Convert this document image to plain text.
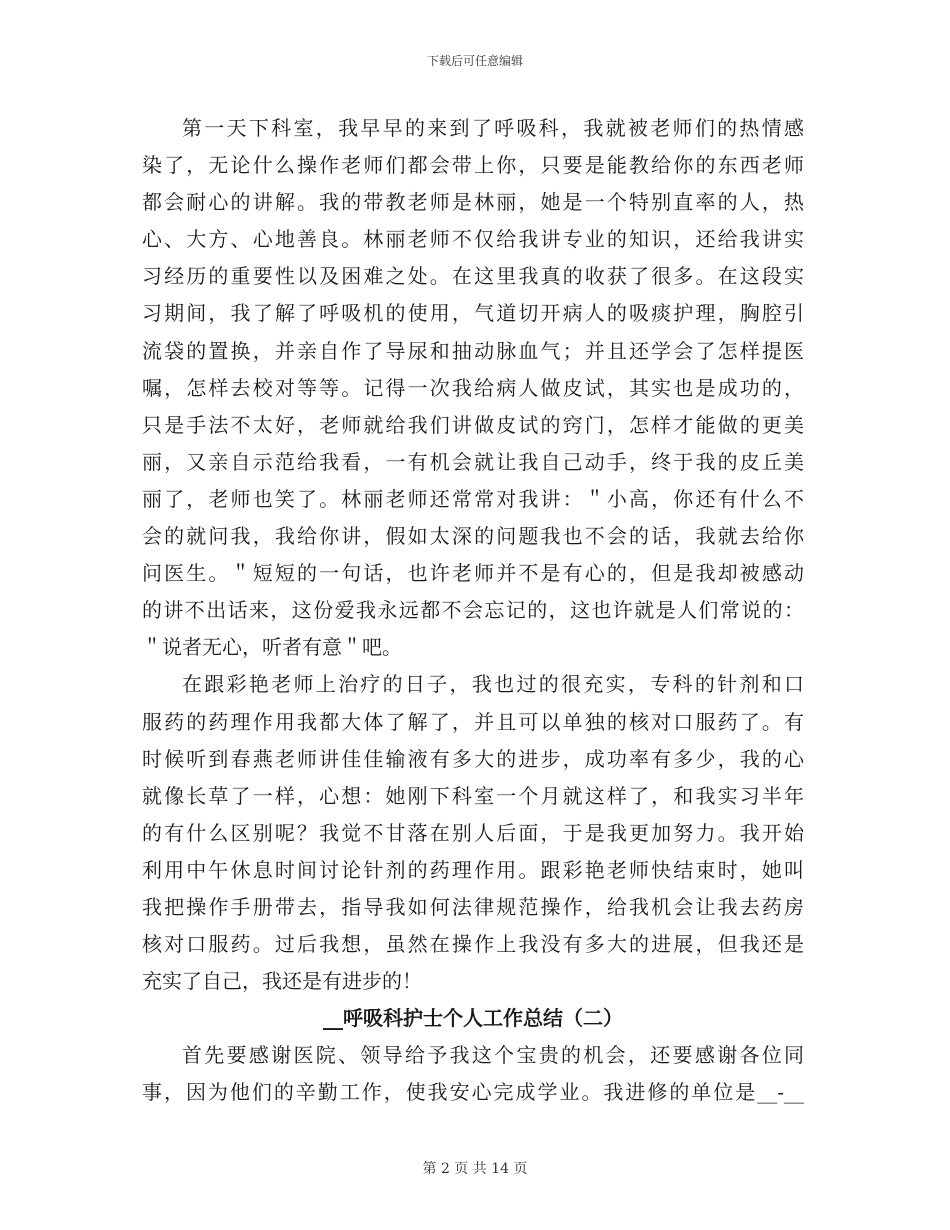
下载后可任意编辑
第一天下科室，我早早的来到了呼吸科，我就被老师们的热情感
染了，无论什么操作老师们都会带上你，只要是能教给你的东西老师
都会耐心的讲解。我的带教老师是林丽，她是一个特别直率的人，热
心、大方、心地善良。林丽老师不仅给我讲专业的知识，还给我讲实
习经历的重要性以及困难之处。在这里我真的收获了很多。在这段实
习期间，我了解了呼吸机的使用，气道切开病人的吸痰护理，胸腔引
流袋的置换，并亲自作了导尿和抽动脉血气；并且还学会了怎样提医
嘱，怎样去校对等等。记得一次我给病人做皮试，其实也是成功的，
只是手法不太好，老师就给我们讲做皮试的窍门，怎样才能做的更美
丽，又亲自示范给我看，一有机会就让我自己动手，终于我的皮丘美
丽了，老师也笑了。林丽老师还常常对我讲：＂小高，你还有什么不
会的就问我，我给你讲，假如太深的问题我也不会的话，我就去给你
问医生。＂短短的一句话，也许老师并不是有心的，但是我却被感动
的讲不出话来，这份爱我永远都不会忘记的，这也许就是人们常说的：
＂说者无心，听者有意＂吧。
在跟彩艳老师上治疗的日子，我也过的很充实，专科的针剂和口
服药的药理作用我都大体了解了，并且可以单独的核对口服药了。有
时候听到春燕老师讲佳佳输液有多大的进步，成功率有多少，我的心
就像长草了一样，心想：她刚下科室一个月就这样了，和我实习半年
的有什么区别呢？我觉不甘落在别人后面，于是我更加努力。我开始
利用中午休息时间讨论针剂的药理作用。跟彩艳老师快结束时，她叫
我把操作手册带去，指导我如何法律规范操作，给我机会让我去药房
核对口服药。过后我想，虽然在操作上我没有多大的进展，但我还是
充实了自己，我还是有进步的！
__呼吸科护士个人工作总结（二）
首先要感谢医院、领导给予我这个宝贵的机会，还要感谢各位同
事，因为他们的辛勤工作，使我安心完成学业。我进修的单位是__-__
第 2 页 共 14 页
